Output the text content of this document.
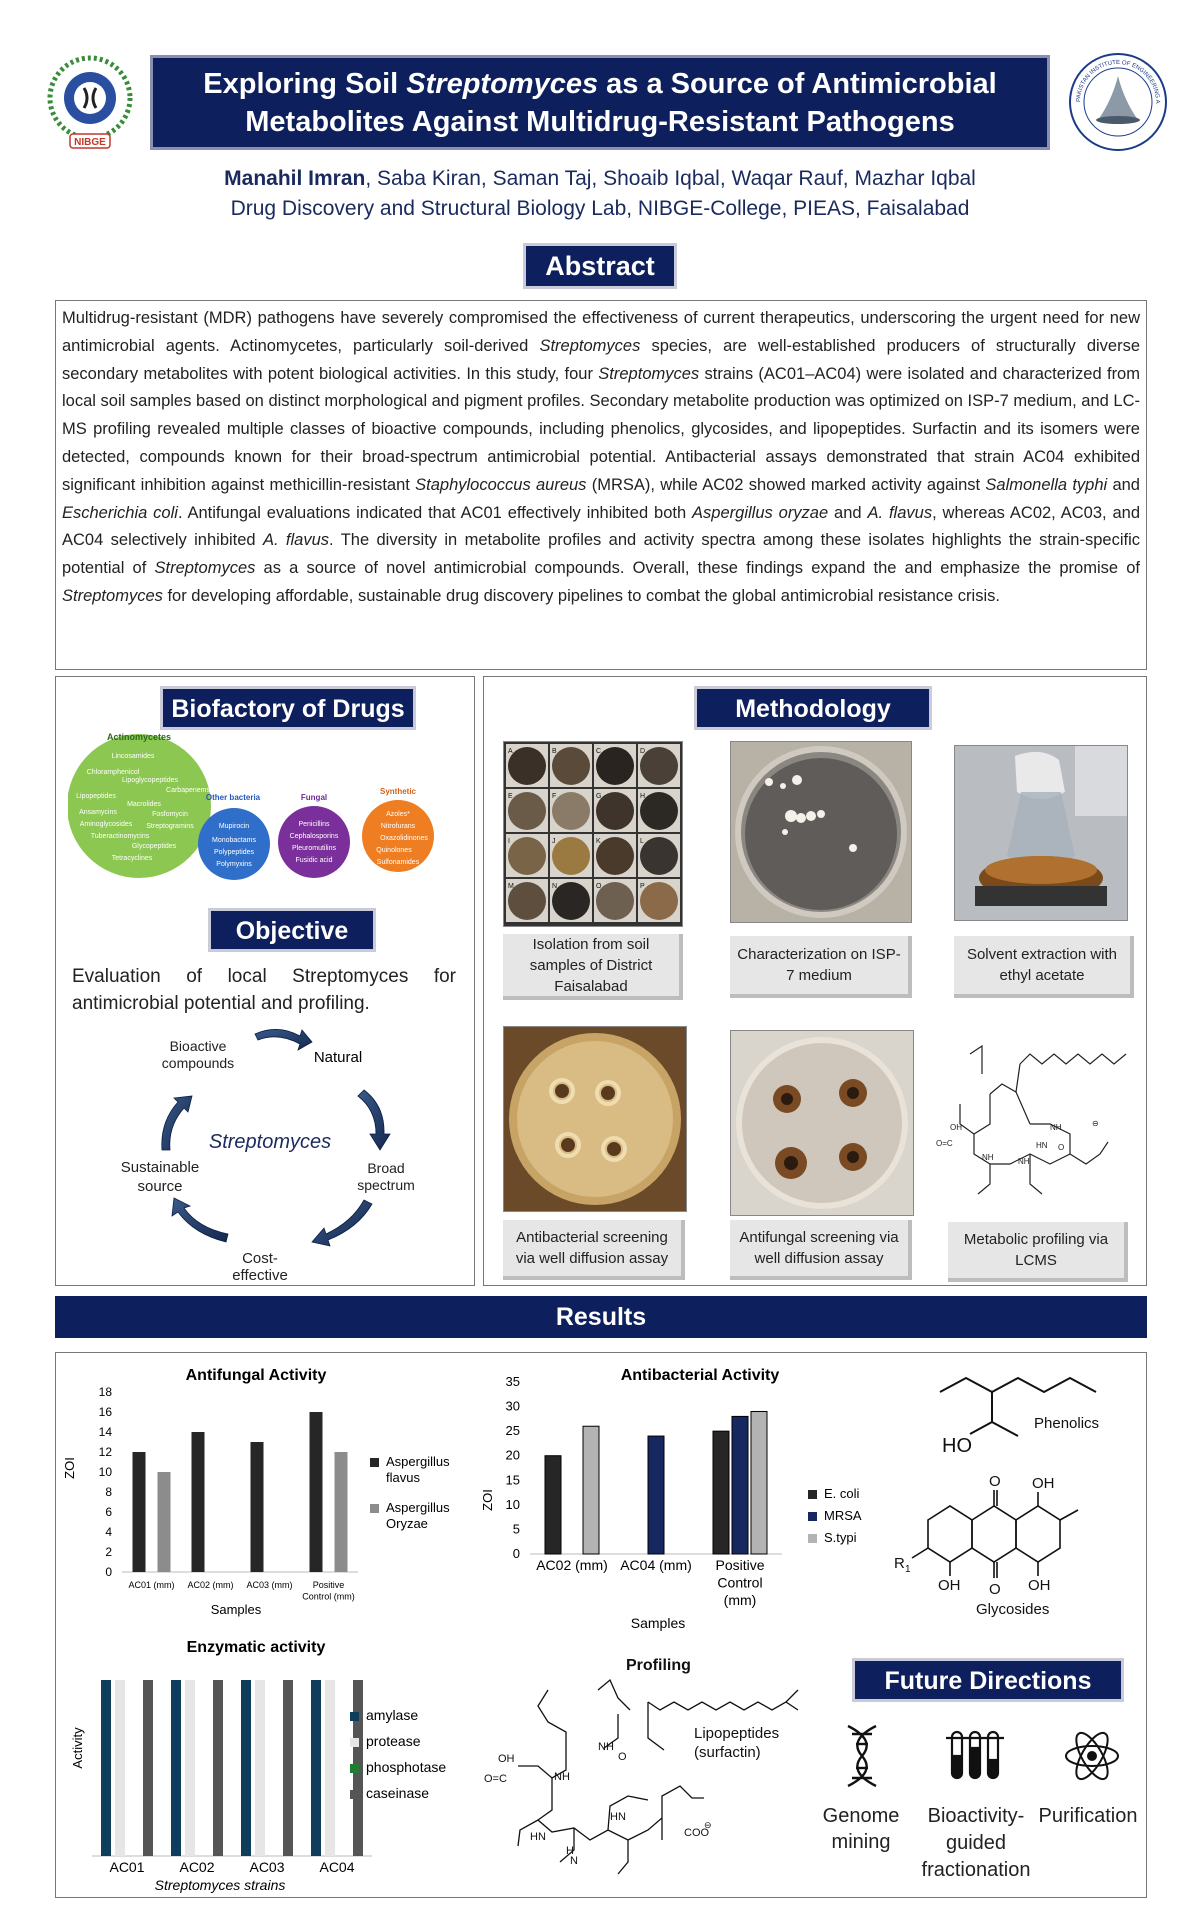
NIBGE
Exploring Soil Streptomyces as a Source of Antimicrobial
Metabolites Against Multidrug-Resistant Pathogens
PAKISTAN INSTITUTE OF ENGINEERING A
Manahil Imran, Saba Kiran, Saman Taj, Shoaib Iqbal, Waqar Rauf, Mazhar Iqbal
Drug Discovery and Structural Biology Lab, NIBGE-College, PIEAS, Faisalabad
Abstract
Multidrug-resistant (MDR) pathogens have severely compromised the effectiveness of current therapeutics, underscoring the urgent need for new antimicrobial agents. Actinomycetes, particularly soil-derived Streptomyces species, are well-established producers of structurally diverse secondary metabolites with potent biological activities. In this study, four Streptomyces strains (AC01–AC04) were isolated and characterized from local soil samples based on distinct morphological and pigment profiles. Secondary metabolite production was optimized on ISP-7 medium, and LC-MS profiling revealed multiple classes of bioactive compounds, including phenolics, glycosides, and lipopeptides. Surfactin and its isomers were detected, compounds known for their broad-spectrum antimicrobial potential. Antibacterial assays demonstrated that strain AC04 exhibited significant inhibition against methicillin-resistant Staphylococcus aureus (MRSA), while AC02 showed marked activity against Salmonella typhi and Escherichia coli. Antifungal evaluations indicated that AC01 effectively inhibited both Aspergillus oryzae and A. flavus, whereas AC02, AC03, and AC04 selectively inhibited A. flavus. The diversity in metabolite profiles and activity spectra among these isolates highlights the strain-specific potential of Streptomyces as a source of novel antimicrobial compounds. Overall, these findings expand the and emphasize the promise of Streptomyces for developing affordable, sustainable drug discovery pipelines to combat the global antimicrobial resistance crisis.
Biofactory of Drugs
Actinomycetes
Lincosamides
Chloramphenicol
Lipoglycopeptides
Carbapenems
Lipopeptides
Macrolides
Ansamycins	Fosfomycin
Aminoglycosides Streptogramins
Tuberactinomycins
Glycopeptides
Tetracyclines
Other bacteria
Mupirocin
Monobactams
Polypeptides
Polymyxins
Fungal
Penicillins
Cephalosporins
Pleuromutilins
Fusidic acid
Synthetic
Azoles*
Nitrofurans
Oxazolidinones
Quinolones
Sulfonamides
Objective
Evaluation of local Streptomyces for antimicrobial potential and profiling.
Streptomyces
Natural
Broad spectrum
Cost-effective
Sustainable source
Bioactive compounds
Methodology
A	B	C	D
E	F	G	H
I	J	K	L
M	N	O	P
Isolation from soil samples of District Faisalabad
Characterization on ISP-7 medium
Solvent extraction with ethyl acetate
Antibacterial screening via well diffusion assay
Antifungal screening via well diffusion assay
OH
O=C
NH
HN
NH	NH
O
⊖
Metabolic profiling via LCMS
Results
Antifungal Activity
0
2
4
6
8
10
12
14
16
18
AC01 (mm) AC02 (mm) AC03 (mm) Positive
Control (mm)
Samples
ZOI	Aspergillus
flavus
Aspergillus
Oryzae
Antibacterial Activity
0
5
10
15
20
25
30
35
AC02 (mm) AC04 (mm) Positive
Control
(mm)
Samples
ZOI	E. coli
MRSA
S.typi
Enzymatic activity
AC01 AC02 AC03 AC04
Streptomyces strains
Activity
amylase
protease
phosphotase
caseinase
HO
Phenolics
O OH
O
OH	OH
R 1
Glycosides
Profiling
OH
O=C	NH
NH
O
HN
H
N
HN
COO
⊖
Lipopeptides
(surfactin)
Future Directions
Genome mining
Bioactivity-guided fractionation
Purification
